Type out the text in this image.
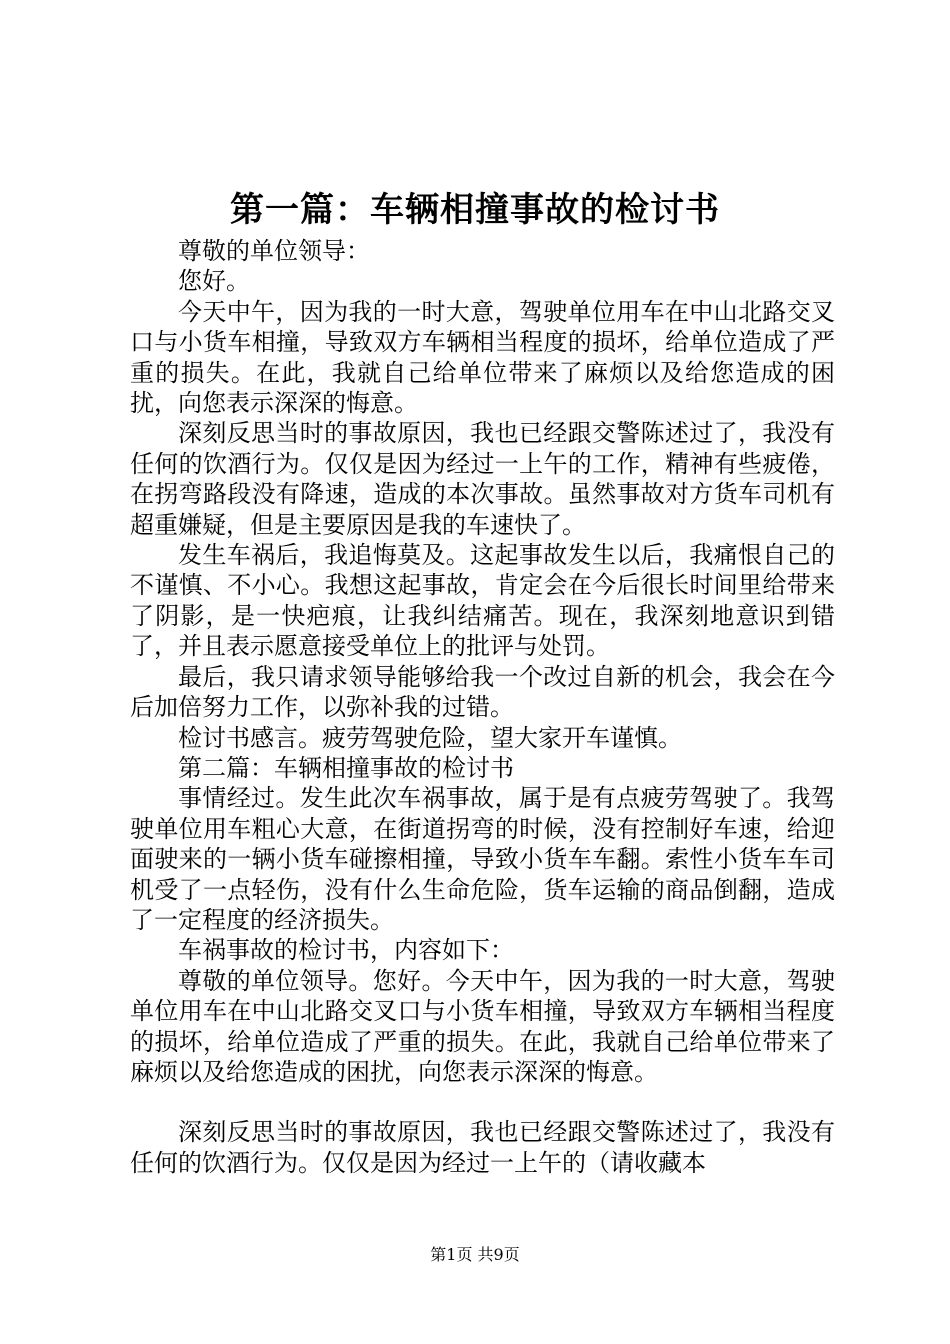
第一篇：车辆相撞事故的检讨书

尊敬的单位领导：

您好。

今天中午，因为我的一时大意，驾驶单位用车在中山北路交叉口与小货车相撞，导致双方车辆相当程度的损坏，给单位造成了严重的损失。在此，我就自己给单位带来了麻烦以及给您造成的困扰，向您表示深深的悔意。

深刻反思当时的事故原因，我也已经跟交警陈述过了，我没有任何的饮酒行为。仅仅是因为经过一上午的工作，精神有些疲倦，在拐弯路段没有降速，造成的本次事故。虽然事故对方货车司机有超重嫌疑，但是主要原因是我的车速快了。

发生车祸后，我追悔莫及。这起事故发生以后，我痛恨自己的不谨慎、不小心。我想这起事故，肯定会在今后很长时间里给带来了阴影，是一快疤痕，让我纠结痛苦。现在，我深刻地意识到错了，并且表示愿意接受单位上的批评与处罚。

最后，我只请求领导能够给我一个改过自新的机会，我会在今后加倍努力工作，以弥补我的过错。

检讨书感言。疲劳驾驶危险，望大家开车谨慎。

第二篇：车辆相撞事故的检讨书

事情经过。发生此次车祸事故，属于是有点疲劳驾驶了。我驾驶单位用车粗心大意，在街道拐弯的时候，没有控制好车速，给迎面驶来的一辆小货车碰擦相撞，导致小货车车翻。索性小货车车司机受了一点轻伤，没有什么生命危险，货车运输的商品倒翻，造成了一定程度的经济损失。

车祸事故的检讨书，内容如下：

尊敬的单位领导。您好。今天中午，因为我的一时大意，驾驶单位用车在中山北路交叉口与小货车相撞，导致双方车辆相当程度的损坏，给单位造成了严重的损失。在此，我就自己给单位带来了麻烦以及给您造成的困扰，向您表示深深的悔意。

深刻反思当时的事故原因，我也已经跟交警陈述过了，我没有任何的饮酒行为。仅仅是因为经过一上午的（请收藏本

第1页 共9页
